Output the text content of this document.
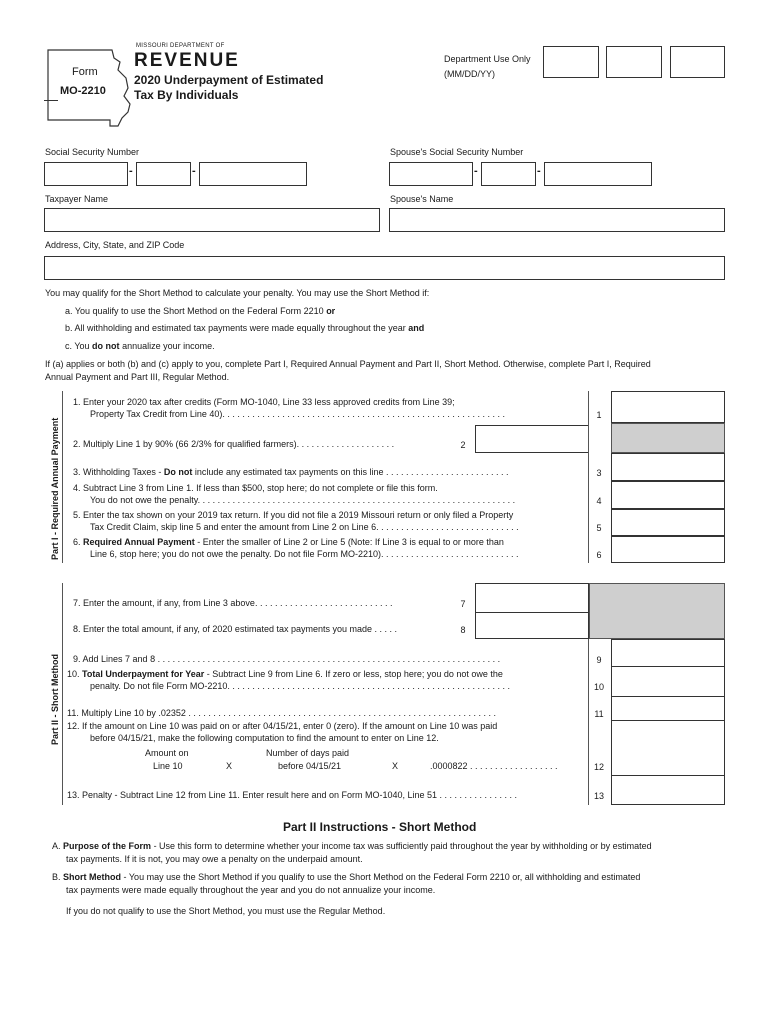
Form
MO-2210
MISSOURI DEPARTMENT OF
REVENUE
2020 Underpayment of Estimated
Tax By Individuals
Department Use Only
(MM/DD/YY)
Social Security Number	Spouse's Social Security Number
-	-	-	-
Taxpayer Name	Spouse's Name
Address, City, State, and ZIP Code
You may qualify for the Short Method to calculate your penalty. You may use the Short Method if:
a. You qualify to use the Short Method on the Federal Form 2210 or
b. All withholding and estimated tax payments were made equally throughout the year and
c. You do not annualize your income.
If (a) applies or both (b) and (c) apply to you, complete Part I, Required Annual Payment and Part II, Short Method. Otherwise, complete Part I, Required
Annual Payment and Part III, Regular Method.
Part I - Required Annual Payment
1. Enter your 2020 tax after credits (Form MO-1040, Line 33 less approved credits from Line 39;
Property Tax Credit from Line 40). . . . . . . . . . . . . . . . . . . . . . . . . . . . . . . . . . . . . . . . . . . . . . . . . . . . . . . . .	1
2. Multiply Line 1 by 90% (66 2/3% for qualified farmers). . . . . . . . . . . . . . . . . . . .	2
3. Withholding Taxes - Do not include any estimated tax payments on this line . . . . . . . . . . . . . . . . . . . . . . . . .	3
4. Subtract Line 3 from Line 1. If less than $500, stop here; do not complete or file this form.
You do not owe the penalty. . . . . . . . . . . . . . . . . . . . . . . . . . . . . . . . . . . . . . . . . . . . . . . . . . . . . . . . . . . . . . . .	4
5. Enter the tax shown on your 2019 tax return. If you did not file a 2019 Missouri return or only filed a Property
Tax Credit Claim, skip line 5 and enter the amount from Line 2 on Line 6. . . . . . . . . . . . . . . . . . . . . . . . . . . . .	5
6. Required Annual Payment - Enter the smaller of Line 2 or Line 5 (Note: If Line 3 is equal to or more than
Line 6, stop here; you do not owe the penalty. Do not file Form MO-2210). . . . . . . . . . . . . . . . . . . . . . . . . . . .	6
Part II - Short Method
7. Enter the amount, if any, from Line 3 above. . . . . . . . . . . . . . . . . . . . . . . . . . . .	7
8. Enter the total amount, if any, of 2020 estimated tax payments you made . . . . .	8
9. Add Lines 7 and 8 . . . . . . . . . . . . . . . . . . . . . . . . . . . . . . . . . . . . . . . . . . . . . . . . . . . . . . . . . . . . . . . . . . . . .	9
10. Total Underpayment for Year - Subtract Line 9 from Line 6. If zero or less, stop here; you do not owe the
penalty. Do not file Form MO-2210. . . . . . . . . . . . . . . . . . . . . . . . . . . . . . . . . . . . . . . . . . . . . . . . . . . . . . . . .	10
11. Multiply Line 10 by .02352 . . . . . . . . . . . . . . . . . . . . . . . . . . . . . . . . . . . . . . . . . . . . . . . . . . . . . . . . . . . . . .	11
12. If the amount on Line 10 was paid on or after 04/15/21, enter 0 (zero). If the amount on Line 10 was paid
before 04/15/21, make the following computation to find the amount to enter on Line 12.
Amount on
Line 10	X
Number of days paid
before 04/15/21	X	.0000822 . . . . . . . . . . . . . . . . . .	12
13. Penalty - Subtract Line 12 from Line 11. Enter result here and on Form MO-1040, Line 51 . . . . . . . . . . . . . . . .	13
Part II Instructions - Short Method
A. Purpose of the Form - Use this form to determine whether your income tax was sufficiently paid throughout the year by withholding or by estimated
tax payments. If it is not, you may owe a penalty on the underpaid amount.
B. Short Method - You may use the Short Method if you qualify to use the Short Method on the Federal Form 2210 or, all withholding and estimated
tax payments were made equally throughout the year and you do not annualize your income.
If you do not qualify to use the Short Method, you must use the Regular Method.
